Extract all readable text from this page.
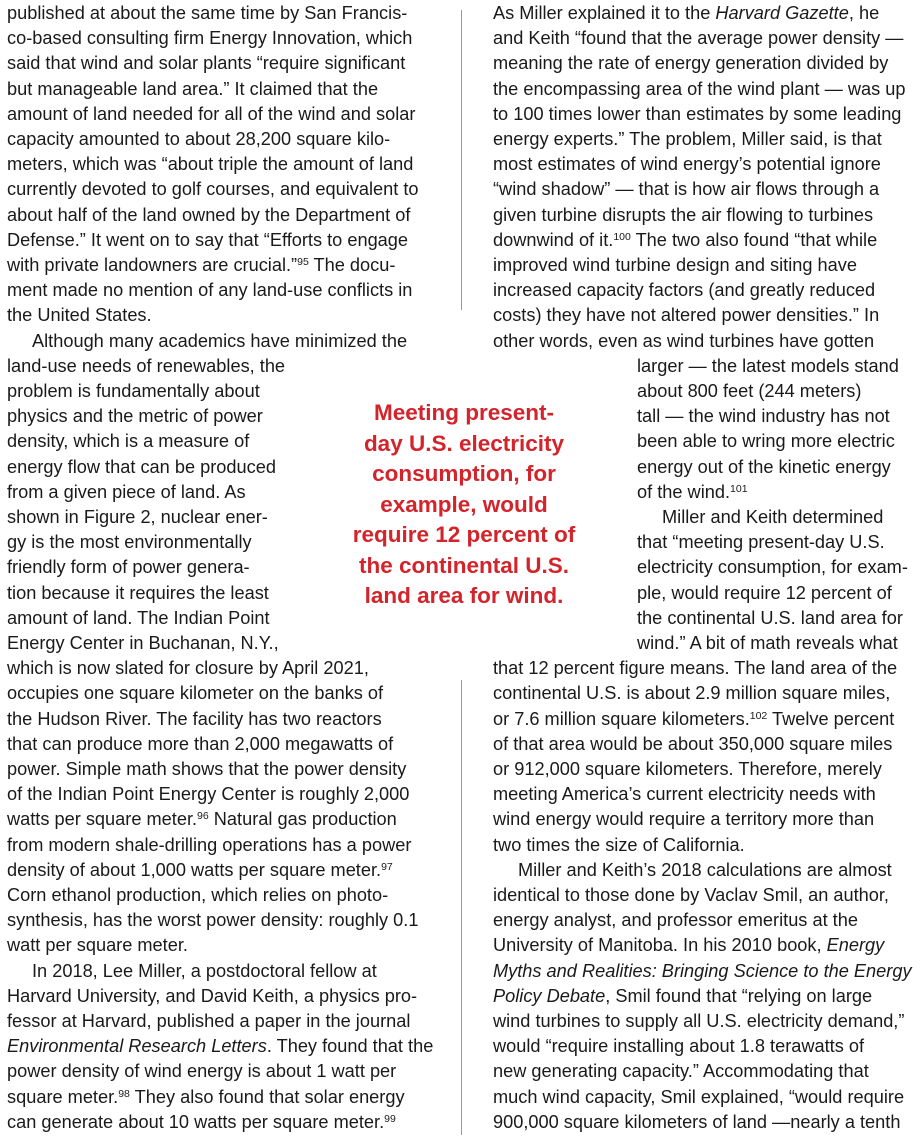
published at about the same time by San Francis-
co-based consulting firm Energy Innovation, which
said that wind and solar plants “require significant
but manageable land area.” It claimed that the
amount of land needed for all of the wind and solar
capacity amounted to about 28,200 square kilo-
meters, which was “about triple the amount of land
currently devoted to golf courses, and equivalent to
about half of the land owned by the Department of
Defense.” It went on to say that “Efforts to engage
with private landowners are crucial.”$^{95}$ The docu-
ment made no mention of any land-use conflicts in
the United States.
Although many academics have minimized the
land-use needs of renewables, the
problem is fundamentally about
physics and the metric of power
density, which is a measure of
energy flow that can be produced
from a given piece of land. As
shown in Figure 2, nuclear ener-
gy is the most environmentally
friendly form of power genera-
tion because it requires the least
amount of land. The Indian Point
Energy Center in Buchanan, N.Y.,
which is now slated for closure by April 2021,
occupies one square kilometer on the banks of
the Hudson River. The facility has two reactors
that can produce more than 2,000 megawatts of
power. Simple math shows that the power density
of the Indian Point Energy Center is roughly 2,000
watts per square meter.$^{96}$ Natural gas production
from modern shale-drilling operations has a power
density of about 1,000 watts per square meter.$^{97}$
Corn ethanol production, which relies on photo-
synthesis, has the worst power density: roughly 0.1
watt per square meter.
In 2018, Lee Miller, a postdoctoral fellow at
Harvard University, and David Keith, a physics pro-
fessor at Harvard, published a paper in the journal
Environmental Research Letters. They found that the
power density of wind energy is about 1 watt per
square meter.$^{98}$ They also found that solar energy
can generate about 10 watts per square meter.$^{99}$
As Miller explained it to the Harvard Gazette, he
and Keith “found that the average power density —
meaning the rate of energy generation divided by
the encompassing area of the wind plant — was up
to 100 times lower than estimates by some leading
energy experts.” The problem, Miller said, is that
most estimates of wind energy’s potential ignore
“wind shadow” — that is how air flows through a
given turbine disrupts the air flowing to turbines
downwind of it.$^{100}$ The two also found “that while
improved wind turbine design and siting have
increased capacity factors (and greatly reduced
costs) they have not altered power densities.” In
other words, even as wind turbines have gotten
larger — the latest models stand
about 800 feet (244 meters)
tall — the wind industry has not
been able to wring more electric
energy out of the kinetic energy
of the wind.$^{101}$
Miller and Keith determined
that “meeting present-day U.S.
electricity consumption, for exam-
ple, would require 12 percent of
the continental U.S. land area for
wind.” A bit of math reveals what
that 12 percent figure means. The land area of the
continental U.S. is about 2.9 million square miles,
or 7.6 million square kilometers.$^{102}$ Twelve percent
of that area would be about 350,000 square miles
or 912,000 square kilometers. Therefore, merely
meeting America’s current electricity needs with
wind energy would require a territory more than
two times the size of California.
Miller and Keith’s 2018 calculations are almost
identical to those done by Vaclav Smil, an author,
energy analyst, and professor emeritus at the
University of Manitoba. In his 2010 book, Energy
Myths and Realities: Bringing Science to the Energy
Policy Debate, Smil found that “relying on large
wind turbines to supply all U.S. electricity demand,”
would “require installing about 1.8 terawatts of
new generating capacity.” Accommodating that
much wind capacity, Smil explained, “would require
900,000 square kilometers of land —nearly a tenth
Meeting present-
day U.S. electricity
consumption, for
example, would
require 12 percent of
the continental U.S.
land area for wind.
